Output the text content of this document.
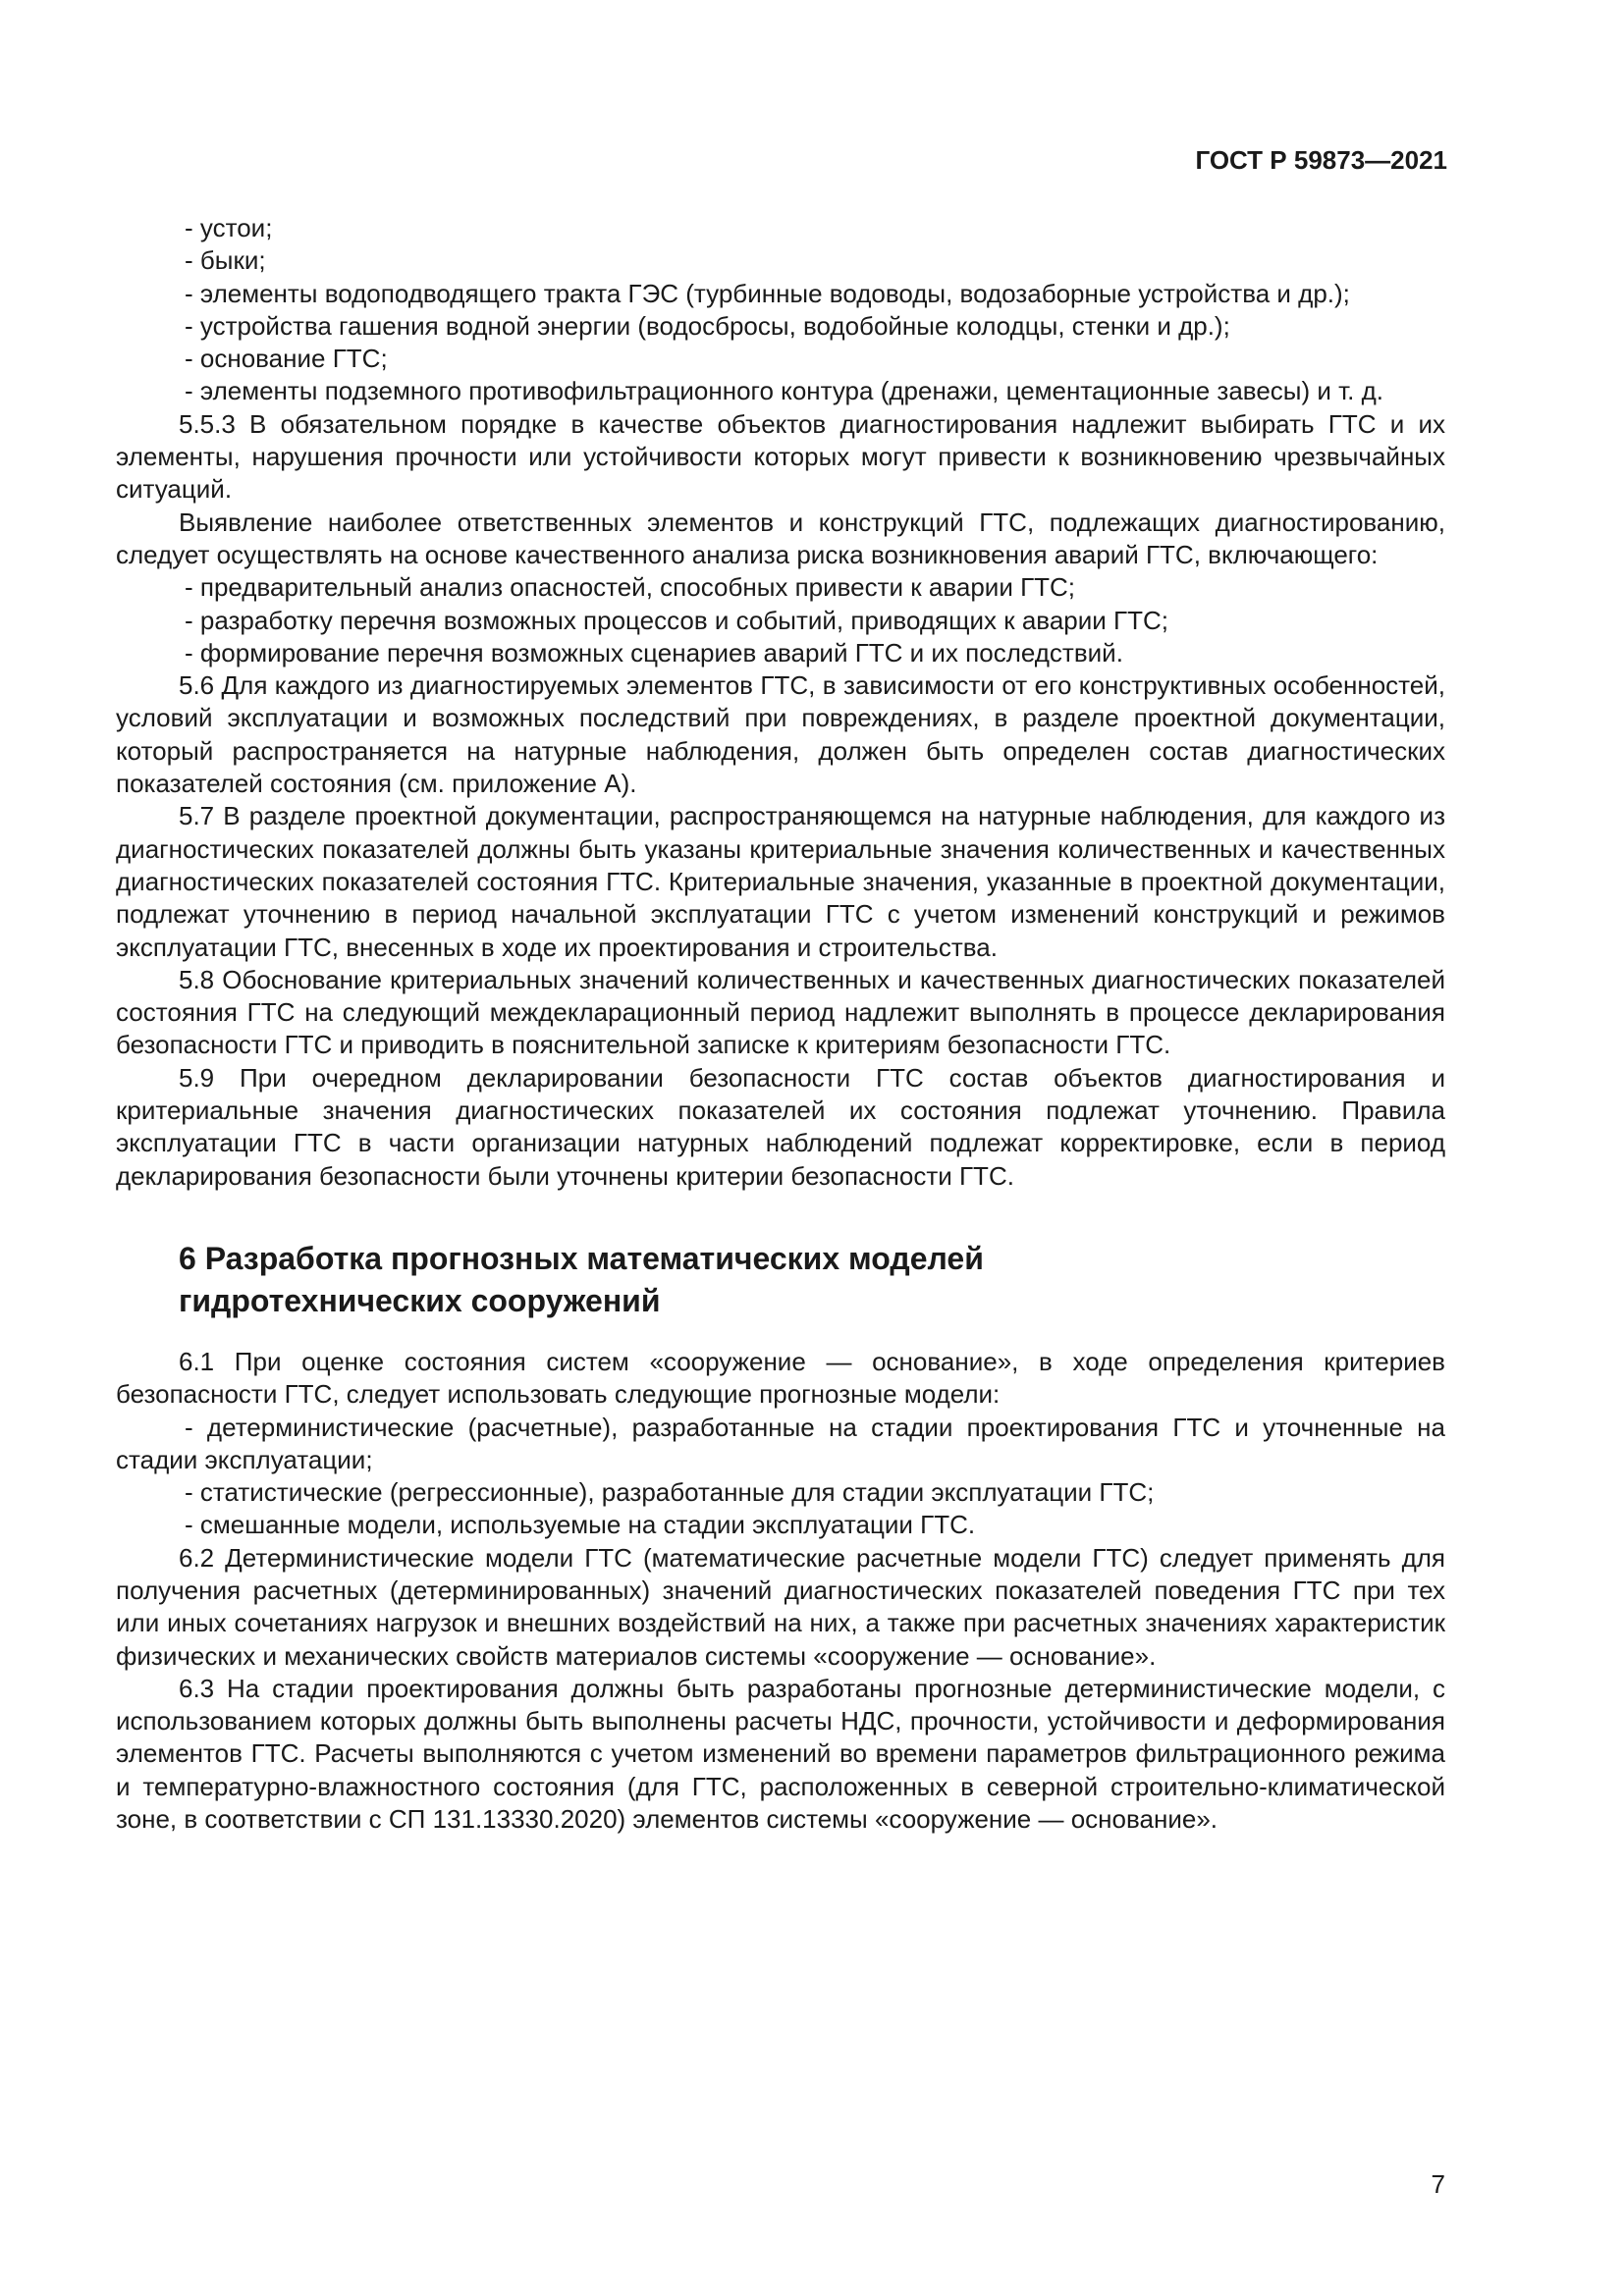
ГОСТ Р 59873—2021

- устои;

- быки;

- элементы водоподводящего тракта ГЭС (турбинные водоводы, водозаборные устройства и др.);

- устройства гашения водной энергии (водосбросы, водобойные колодцы, стенки и др.);

- основание ГТС;

- элементы подземного противофильтрационного контура (дренажи, цементационные завесы) и т. д.

5.5.3 В обязательном порядке в качестве объектов диагностирования надлежит выбирать ГТС и их элементы, нарушения прочности или устойчивости которых могут привести к возникновению чрезвычайных ситуаций.

Выявление наиболее ответственных элементов и конструкций ГТС, подлежащих диагностированию, следует осуществлять на основе качественного анализа риска возникновения аварий ГТС, включающего:

- предварительный анализ опасностей, способных привести к аварии ГТС;

- разработку перечня возможных процессов и событий, приводящих к аварии ГТС;

- формирование перечня возможных сценариев аварий ГТС и их последствий.

5.6 Для каждого из диагностируемых элементов ГТС, в зависимости от его конструктивных особенностей, условий эксплуатации и возможных последствий при повреждениях, в разделе проектной документации, который распространяется на натурные наблюдения, должен быть определен состав диагностических показателей состояния (см. приложение А).

5.7 В разделе проектной документации, распространяющемся на натурные наблюдения, для каждого из диагностических показателей должны быть указаны критериальные значения количественных и качественных диагностических показателей состояния ГТС. Критериальные значения, указанные в проектной документации, подлежат уточнению в период начальной эксплуатации ГТС с учетом изменений конструкций и режимов эксплуатации ГТС, внесенных в ходе их проектирования и строительства.

5.8 Обоснование критериальных значений количественных и качественных диагностических показателей состояния ГТС на следующий междекларационный период надлежит выполнять в процессе декларирования безопасности ГТС и приводить в пояснительной записке к критериям безопасности ГТС.

5.9 При очередном декларировании безопасности ГТС состав объектов диагностирования и критериальные значения диагностических показателей их состояния подлежат уточнению. Правила эксплуатации ГТС в части организации натурных наблюдений подлежат корректировке, если в период декларирования безопасности были уточнены критерии безопасности ГТС.

6 Разработка прогнозных математических моделей
гидротехнических сооружений

6.1 При оценке состояния систем «сооружение — основание», в ходе определения критериев безопасности ГТС, следует использовать следующие прогнозные модели:

- детерминистические (расчетные), разработанные на стадии проектирования ГТС и уточненные на стадии эксплуатации;

- статистические (регрессионные), разработанные для стадии эксплуатации ГТС;

- смешанные модели, используемые на стадии эксплуатации ГТС.

6.2 Детерминистические модели ГТС (математические расчетные модели ГТС) следует применять для получения расчетных (детерминированных) значений диагностических показателей поведения ГТС при тех или иных сочетаниях нагрузок и внешних воздействий на них, а также при расчетных значениях характеристик физических и механических свойств материалов системы «сооружение — основание».

6.3 На стадии проектирования должны быть разработаны прогнозные детерминистические модели, с использованием которых должны быть выполнены расчеты НДС, прочности, устойчивости и деформирования элементов ГТС. Расчеты выполняются с учетом изменений во времени параметров фильтрационного режима и температурно-влажностного состояния (для ГТС, расположенных в северной строительно-климатической зоне, в соответствии с СП 131.13330.2020) элементов системы «сооружение — основание».

7
